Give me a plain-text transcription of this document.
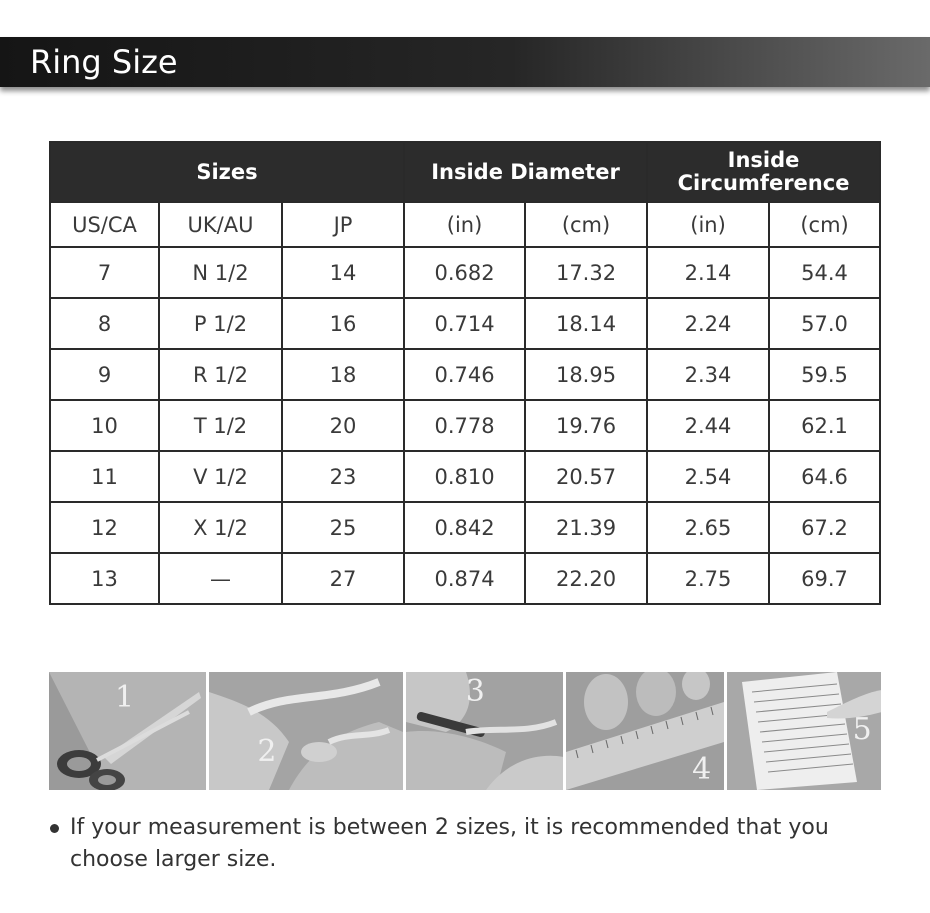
Ring Size
Sizes			Inside Diameter		Inside Circumference	
US/CA	UK/AU	JP	(in)	(cm)	(in)	(cm)
7	N 1/2	14	0.682	17.32	2.14	54.4
8	P 1/2	16	0.714	18.14	2.24	57.0
9	R 1/2	18	0.746	18.95	2.34	59.5
10	T 1/2	20	0.778	19.76	2.44	62.1
11	V 1/2	23	0.810	20.57	2.54	64.6
12	X 1/2	25	0.842	21.39	2.65	67.2
13	—	27	0.874	22.20	2.75	69.7
1
2
3
4
5
If your measurement is between 2 sizes, it is recommended that you choose larger size.
